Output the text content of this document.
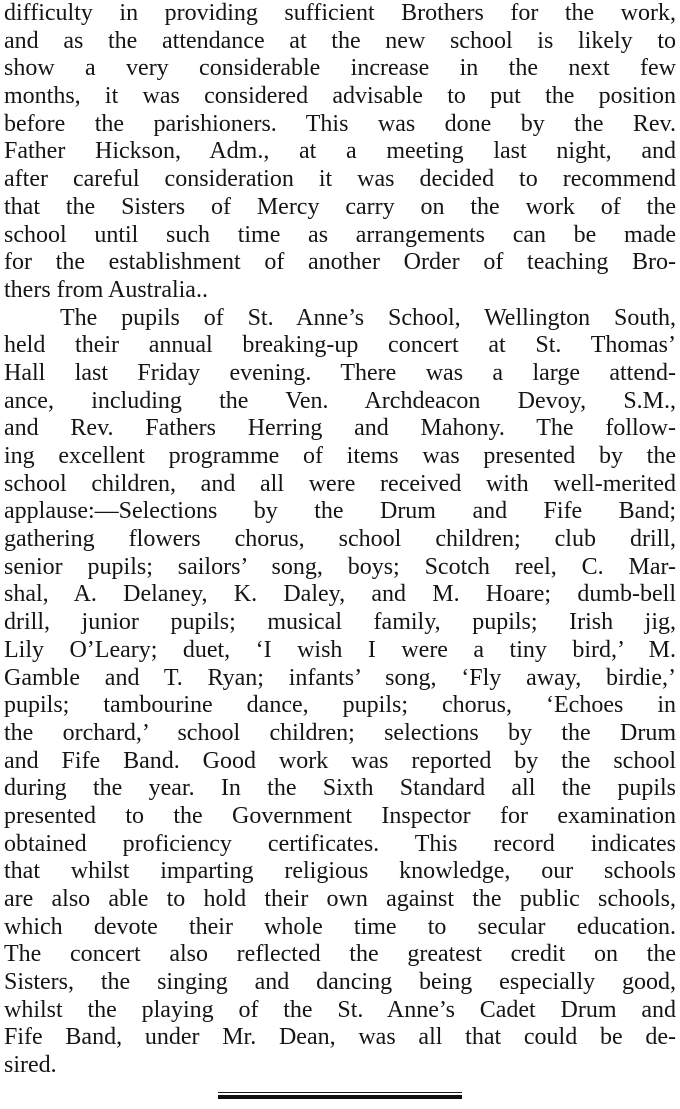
difficulty in providing sufficient Brothers for the work,
and as the attendance at the new school is likely to
show a very considerable increase in the next few
months, it was considered advisable to put the position
before the parishioners. This was done by the Rev.
Father Hickson, Adm., at a meeting last night, and
after careful consideration it was decided to recommend
that the Sisters of Mercy carry on the work of the
school until such time as arrangements can be made
for the establishment of another Order of teaching Bro-
thers from Australia..
The pupils of St. Anne’s School, Wellington South,
held their annual breaking-up concert at St. Thomas’
Hall last Friday evening. There was a large attend-
ance, including the Ven. Archdeacon Devoy, S.M.,
and Rev. Fathers Herring and Mahony. The follow-
ing excellent programme of items was presented by the
school children, and all were received with well-merited
applause:—Selections by the Drum and Fife Band;
gathering flowers chorus, school children; club drill,
senior pupils; sailors’ song, boys; Scotch reel, C. Mar-
shal, A. Delaney, K. Daley, and M. Hoare; dumb-bell
drill, junior pupils; musical family, pupils; Irish jig,
Lily O’Leary; duet, ‘I wish I were a tiny bird,’ M.
Gamble and T. Ryan; infants’ song, ‘Fly away, birdie,’
pupils; tambourine dance, pupils; chorus, ‘Echoes in
the orchard,’ school children; selections by the Drum
and Fife Band. Good work was reported by the school
during the year. In the Sixth Standard all the pupils
presented to the Government Inspector for examination
obtained proficiency certificates. This record indicates
that whilst imparting religious knowledge, our schools
are also able to hold their own against the public schools,
which devote their whole time to secular education.
The concert also reflected the greatest credit on the
Sisters, the singing and dancing being especially good,
whilst the playing of the St. Anne’s Cadet Drum and
Fife Band, under Mr. Dean, was all that could be de-
sired.
